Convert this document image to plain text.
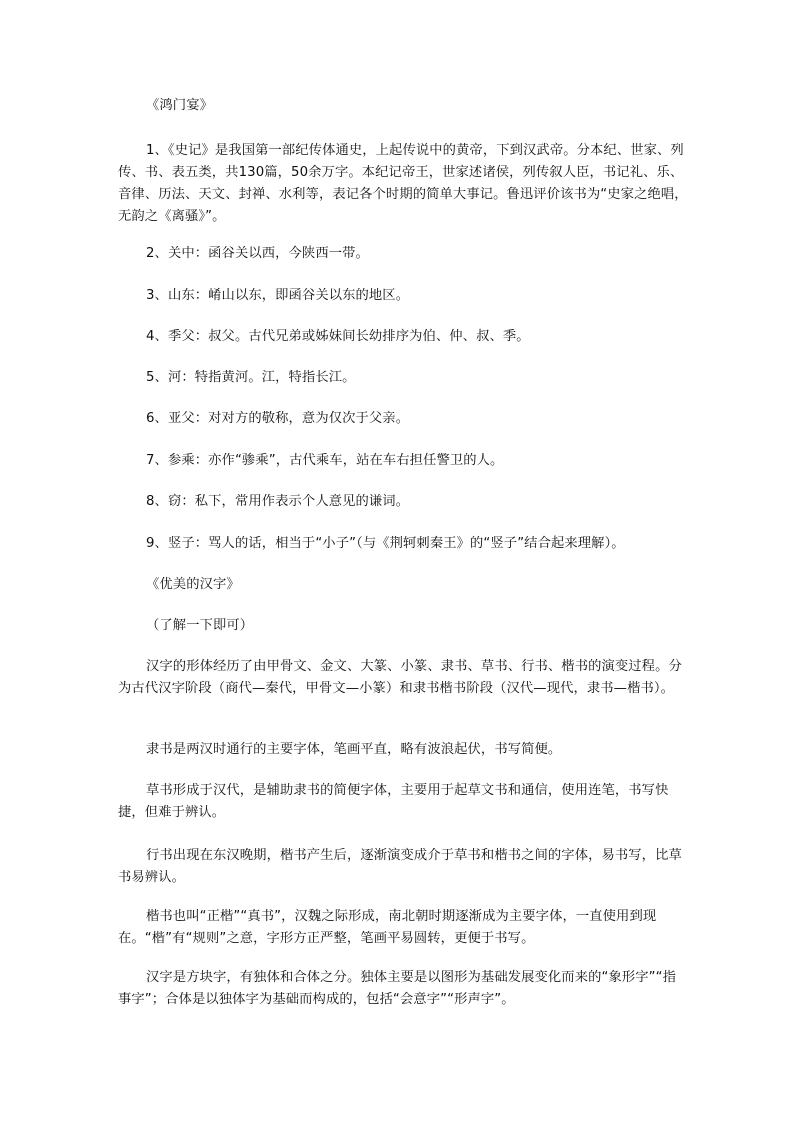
《鸿门宴》
1、《史记》是我国第一部纪传体通史，上起传说中的黄帝，下到汉武帝。分本纪、世家、列传、书、表五类，共130篇，50余万字。本纪记帝王，世家述诸侯，列传叙人臣，书记礼、乐、音律、历法、天文、封禅、水利等，表记各个时期的简单大事记。鲁迅评价该书为“史家之绝唱，无韵之《离骚》”。
2、关中：函谷关以西，今陕西一带。
3、山东：崤山以东，即函谷关以东的地区。
4、季父：叔父。古代兄弟或姊妹间长幼排序为伯、仲、叔、季。
5、河：特指黄河。江，特指长江。
6、亚父：对对方的敬称，意为仅次于父亲。
7、参乘：亦作“骖乘”，古代乘车，站在车右担任警卫的人。
8、窃：私下，常用作表示个人意见的谦词。
9、竖子：骂人的话，相当于“小子”（与《荆轲刺秦王》的“竖子”结合起来理解）。
《优美的汉字》
（了解一下即可）
汉字的形体经历了由甲骨文、金文、大篆、小篆、隶书、草书、行书、楷书的演变过程。分为古代汉字阶段（商代—秦代，甲骨文—小篆）和隶书楷书阶段（汉代—现代，隶书—楷书）。
隶书是两汉时通行的主要字体，笔画平直，略有波浪起伏，书写简便。
草书形成于汉代，是辅助隶书的简便字体，主要用于起草文书和通信，使用连笔，书写快捷，但难于辨认。
行书出现在东汉晚期，楷书产生后，逐渐演变成介于草书和楷书之间的字体，易书写，比草书易辨认。
楷书也叫“正楷”“真书”，汉魏之际形成，南北朝时期逐渐成为主要字体，一直使用到现在。“楷”有“规则”之意，字形方正严整，笔画平易圆转，更便于书写。
汉字是方块字，有独体和合体之分。独体主要是以图形为基础发展变化而来的“象形字”“指事字”；合体是以独体字为基础而构成的，包括“会意字”“形声字”。
